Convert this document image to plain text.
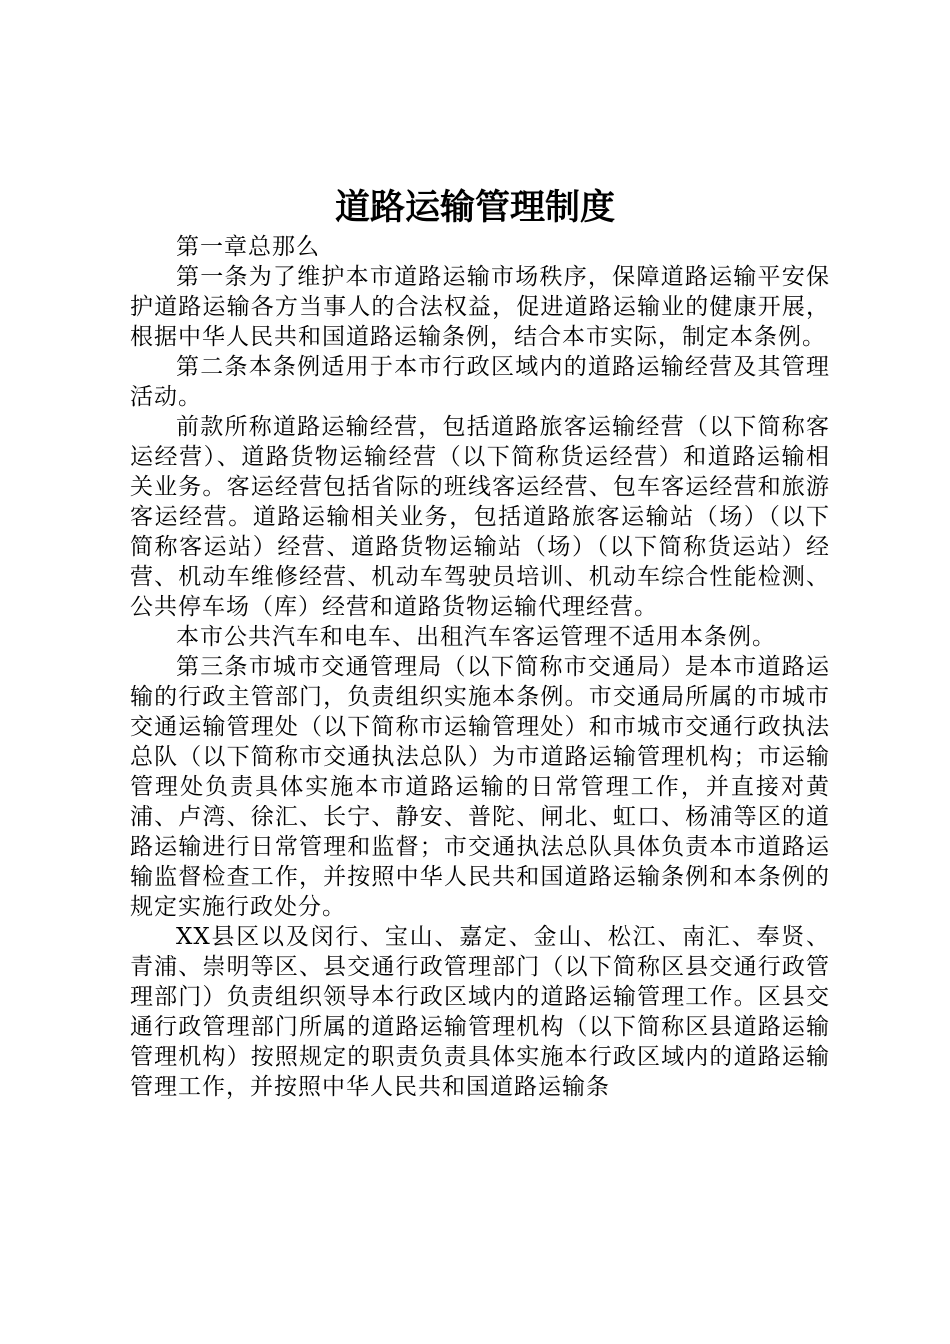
道路运输管理制度

第一章总那么

第一条为了维护本市道路运输市场秩序，保障道路运输平安保护道路运输各方当事人的合法权益，促进道路运输业的健康开展，根据中华人民共和国道路运输条例，结合本市实际，制定本条例。

第二条本条例适用于本市行政区域内的道路运输经营及其管理活动。

前款所称道路运输经营，包括道路旅客运输经营（以下简称客运经营）、道路货物运输经营（以下简称货运经营）和道路运输相关业务。客运经营包括省际的班线客运经营、包车客运经营和旅游客运经营。道路运输相关业务，包括道路旅客运输站（场）（以下简称客运站）经营、道路货物运输站（场）（以下简称货运站）经营、机动车维修经营、机动车驾驶员培训、机动车综合性能检测、公共停车场（库）经营和道路货物运输代理经营。

本市公共汽车和电车、出租汽车客运管理不适用本条例。

第三条市城市交通管理局（以下简称市交通局）是本市道路运输的行政主管部门，负责组织实施本条例。市交通局所属的市城市交通运输管理处（以下简称市运输管理处）和市城市交通行政执法总队（以下简称市交通执法总队）为市道路运输管理机构；市运输管理处负责具体实施本市道路运输的日常管理工作，并直接对黄浦、卢湾、徐汇、长宁、静安、普陀、闸北、虹口、杨浦等区的道路运输进行日常管理和监督；市交通执法总队具体负责本市道路运输监督检查工作，并按照中华人民共和国道路运输条例和本条例的规定实施行政处分。

XX县区以及闵行、宝山、嘉定、金山、松江、南汇、奉贤、青浦、崇明等区、县交通行政管理部门（以下简称区县交通行政管理部门）负责组织领导本行政区域内的道路运输管理工作。区县交通行政管理部门所属的道路运输管理机构（以下简称区县道路运输管理机构）按照规定的职责负责具体实施本行政区域内的道路运输管理工作，并按照中华人民共和国道路运输条
